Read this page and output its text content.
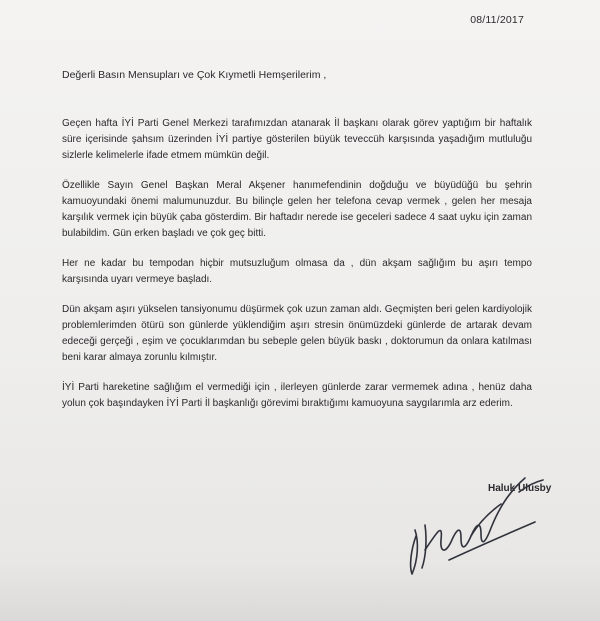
08/11/2017
Değerli Basın Mensupları ve Çok Kıymetli Hemşerilerim ,

Geçen hafta İYİ Parti Genel Merkezi tarafımızdan atanarak İl başkanı olarak görev yaptığım bir haftalık süre içerisinde şahsım üzerinden İYİ partiye gösterilen büyük teveccüh karşısında yaşadığım mutluluğu sizlerle kelimelerle ifade etmem mümkün değil.

Özellikle Sayın Genel Başkan Meral Akşener hanımefendinin doğduğu ve büyüdüğü bu şehrin kamuoyundaki önemi malumunuzdur. Bu bilinçle gelen her telefona cevap vermek , gelen her mesaja karşılık vermek için büyük çaba gösterdim. Bir haftadır nerede ise geceleri sadece 4 saat uyku için zaman bulabildim. Gün erken başladı ve çok geç bitti.

Her ne kadar bu tempodan hiçbir mutsuzluğum olmasa da , dün akşam sağlığım bu aşırı tempo karşısında uyarı vermeye başladı.

Dün akşam aşırı yükselen tansiyonumu düşürmek çok uzun zaman aldı. Geçmişten beri gelen kardiyolojik problemlerimden ötürü son günlerde yüklendiğim aşırı stresin önümüzdeki günlerde de artarak devam edeceği gerçeği , eşim ve çocuklarımdan bu sebeple gelen büyük baskı , doktorumun da onlara katılması beni karar almaya zorunlu kılmıştır.

İYİ Parti hareketine sağlığım el vermediği için , ilerleyen günlerde zarar vermemek adına , henüz daha yolun çok başındayken İYİ Parti İl başkanlığı görevimi bıraktığımı kamuoyuna saygılarımla arz ederim.

Haluk Ulusby
